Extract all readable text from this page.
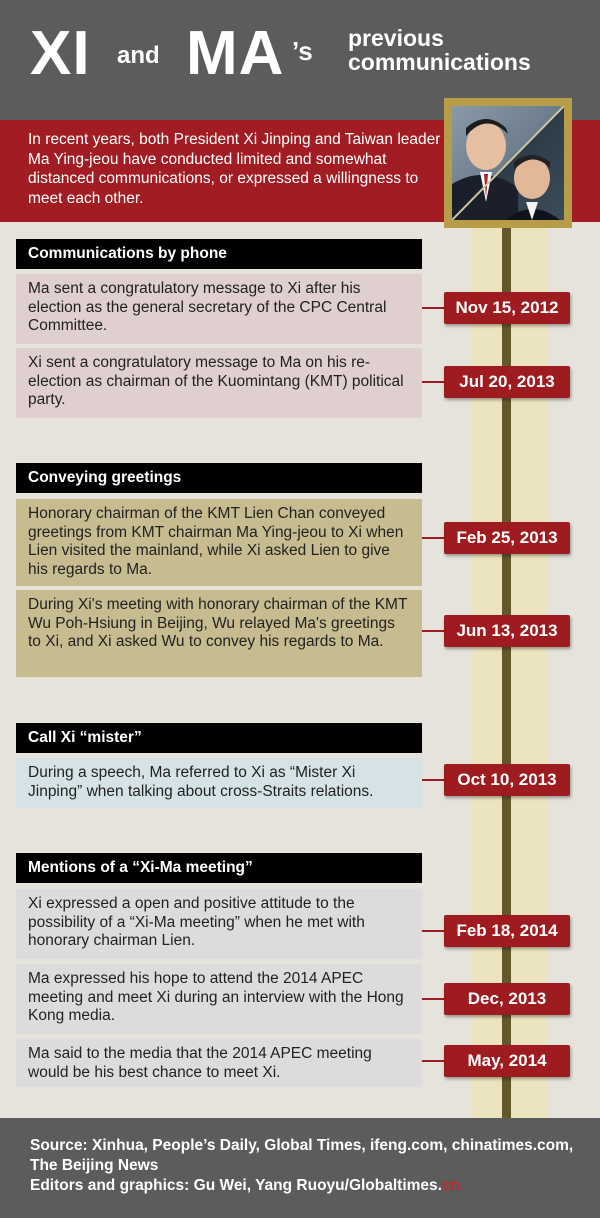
XI and MA ’s previous
communications

In recent years, both President Xi Jinping and Taiwan leader Ma Ying-jeou have conducted limited and somewhat distanced communications, or expressed a willingness to meet each other.

Communications by phone
Ma sent a congratulatory message to Xi after his election as the general secretary of the CPC Central Committee.
Nov 15, 2012
Xi sent a congratulatory message to Ma on his re-election as chairman of the Kuomintang (KMT) political party.
Jul 20, 2013
Conveying greetings
Honorary chairman of the KMT Lien Chan conveyed greetings from KMT chairman Ma Ying-jeou to Xi when Lien visited the mainland, while Xi asked Lien to give his regards to Ma.
Feb 25, 2013
During Xi's meeting with honorary chairman of the KMT Wu Poh-Hsiung in Beijing, Wu relayed Ma's greetings to Xi, and Xi asked Wu to convey his regards to Ma.
Jun 13, 2013
Call Xi “mister”
During a speech, Ma referred to Xi as “Mister Xi Jinping” when talking about cross-Straits relations.
Oct 10, 2013
Mentions of a “Xi-Ma meeting”
Xi expressed a open and positive attitude to the possibility of a “Xi-Ma meeting” when he met with honorary chairman Lien.
Feb 18, 2014
Ma expressed his hope to attend the 2014 APEC meeting and meet Xi during an interview with the Hong Kong media.
Dec, 2013
Ma said to the media that the 2014 APEC meeting would be his best chance to meet Xi.
May, 2014
Source: Xinhua, People’s Daily, Global Times, ifeng.com, chinatimes.com, The Beijing News
Editors and graphics: Gu Wei, Yang Ruoyu/Globaltimes.cn
